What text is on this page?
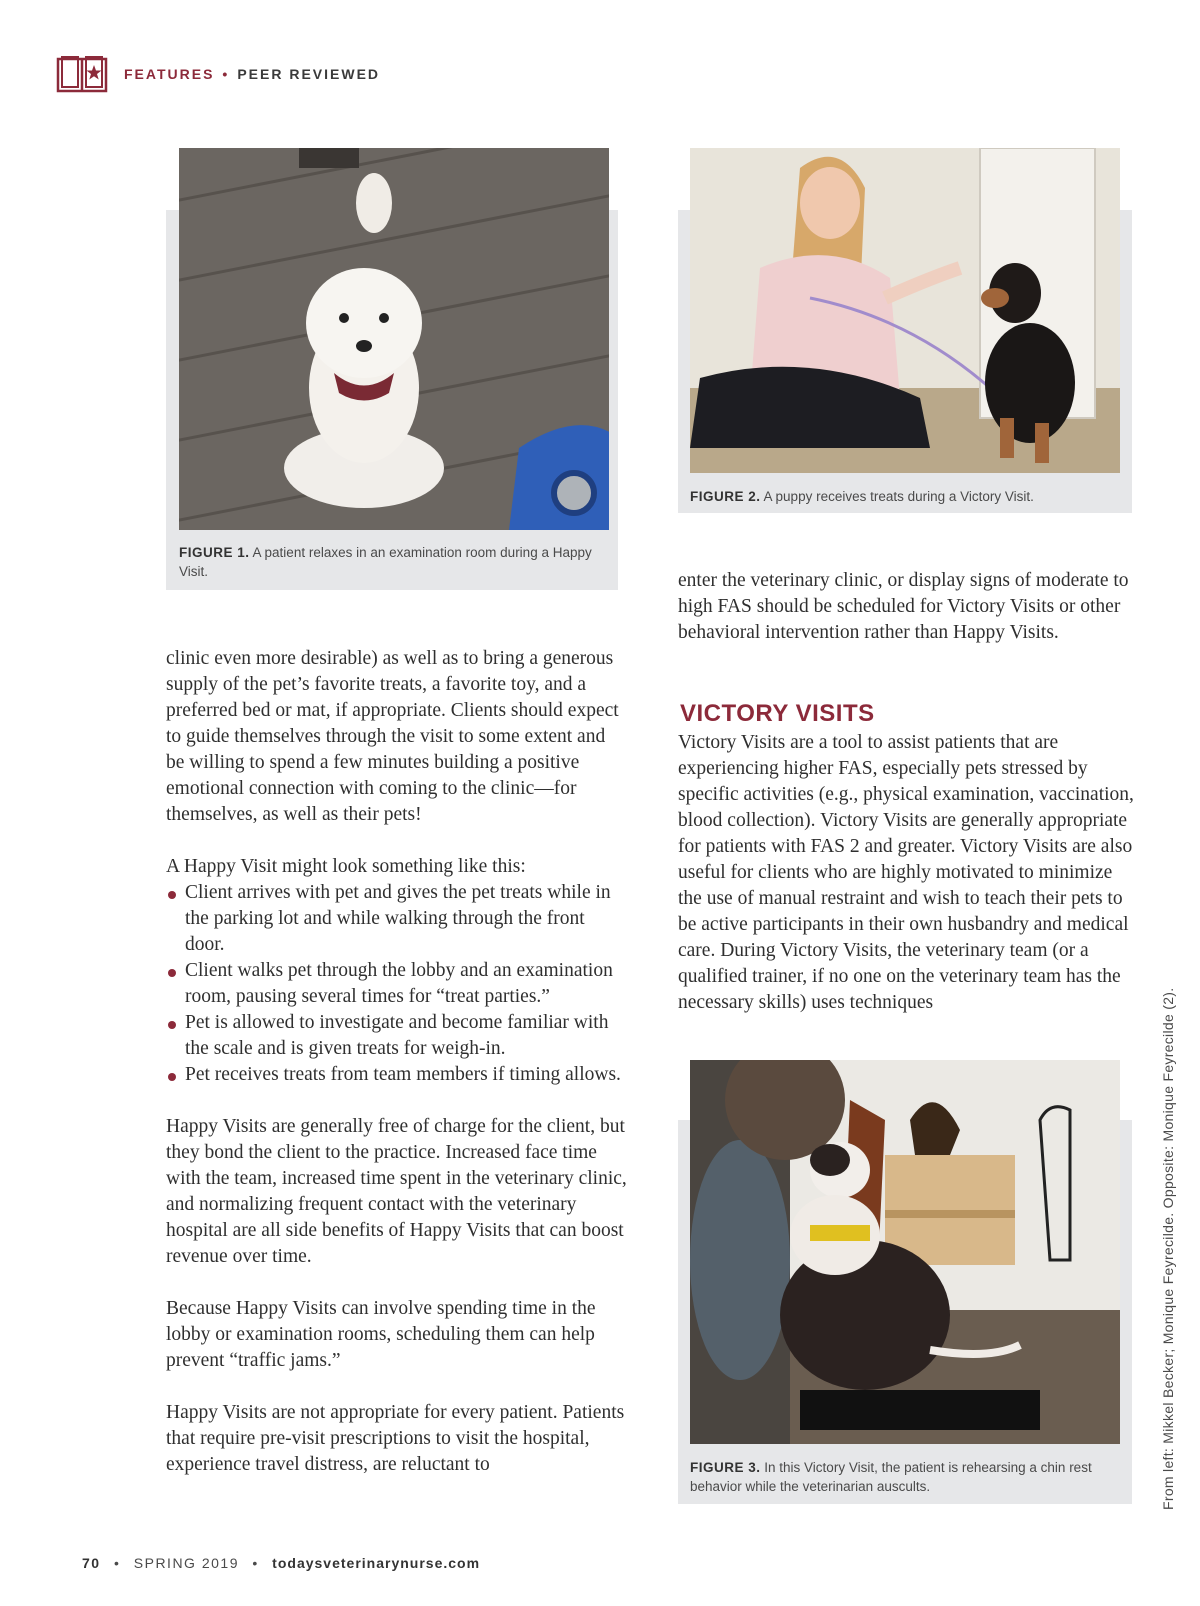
FEATURES • PEER REVIEWED
FIGURE 1. A patient relaxes in an examination room during a Happy Visit.
FIGURE 2. A puppy receives treats during a Victory Visit.
FIGURE 3. In this Victory Visit, the patient is rehearsing a chin rest behavior while the veterinarian auscults.

clinic even more desirable) as well as to bring a generous supply of the pet’s favorite treats, a favorite toy, and a preferred bed or mat, if appropriate. Clients should expect to guide themselves through the visit to some extent and be willing to spend a few minutes building a positive emotional connection with coming to the clinic—for themselves, as well as their pets!

A Happy Visit might look something like this:
Client arrives with pet and gives the pet treats while in the parking lot and while walking through the front door.
Client walks pet through the lobby and an examination room, pausing several times for “treat parties.”
Pet is allowed to investigate and become familiar with the scale and is given treats for weigh-in.
Pet receives treats from team members if timing allows.

Happy Visits are generally free of charge for the client, but they bond the client to the practice. Increased face time with the team, increased time spent in the veterinary clinic, and normalizing frequent contact with the veterinary hospital are all side benefits of Happy Visits that can boost revenue over time.

Because Happy Visits can involve spending time in the lobby or examination rooms, scheduling them can help prevent “traffic jams.”

Happy Visits are not appropriate for every patient. Patients that require pre-visit prescriptions to visit the hospital, experience travel distress, are reluctant to

enter the veterinary clinic, or display signs of moderate to high FAS should be scheduled for Victory Visits or other behavioral intervention rather than Happy Visits.

VICTORY VISITS

Victory Visits are a tool to assist patients that are experiencing higher FAS, especially pets stressed by specific activities (e.g., physical examination, vaccination, blood collection). Victory Visits are generally appropriate for patients with FAS 2 and greater. Victory Visits are also useful for clients who are highly motivated to minimize the use of manual restraint and wish to teach their pets to be active participants in their own husbandry and medical care. During Victory Visits, the veterinary team (or a qualified trainer, if no one on the veterinary team has the necessary skills) uses techniques	From left: Mikkel Becker; Monique Feyrecilde. Opposite: Monique Feyrecilde (2).
70 • SPRING 2019 • todaysveterinarynurse.com
